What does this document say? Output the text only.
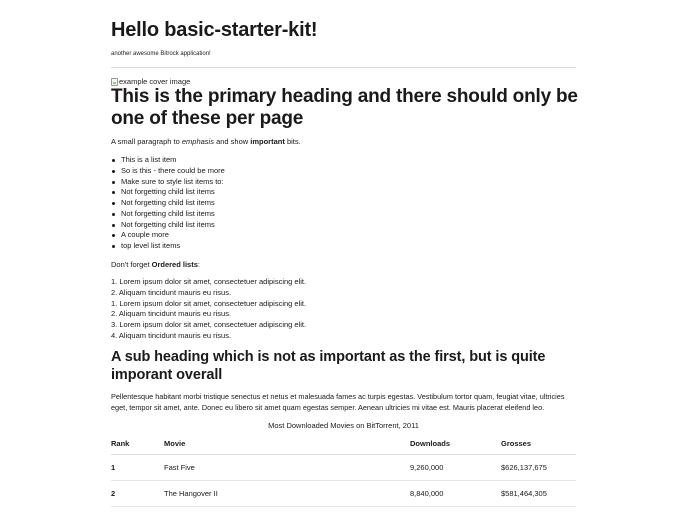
Hello basic-starter-kit!

another awesome Bitrock application!

example cover image
This is the primary heading and there should only be one of these per page

A small paragraph to emphasis and show important bits.

This is a list item
So is this - there could be more
Make sure to style list items to:
Not forgetting child list items
Not forgetting child list items
Not forgetting child list items
Not forgetting child list items
A couple more
top level list items

Don't forget Ordered lists:

1. Lorem ipsum dolor sit amet, consectetuer adipiscing elit.
2. Aliquam tincidunt mauris eu risus.
1. Lorem ipsum dolor sit amet, consectetuer adipiscing elit.
2. Aliquam tincidunt mauris eu risus.
3. Lorem ipsum dolor sit amet, consectetuer adipiscing elit.
4. Aliquam tincidunt mauris eu risus.
A sub heading which is not as important as the first, but is quite imporant overall

Pellentesque habitant morbi tristique senectus et netus et malesuada fames ac turpis egestas. Vestibulum tortor quam, feugiat vitae, ultricies eget, tempor sit amet, ante. Donec eu libero sit amet quam egestas semper. Aenean ultricies mi vitae est. Mauris placerat eleifend leo.

Most Downloaded Movies on BitTorrent, 2011
Rank	Movie	Downloads	Grosses
1	Fast Five	9,260,000	$626,137,675
2	The Hangover II	8,840,000	$581,464,305
